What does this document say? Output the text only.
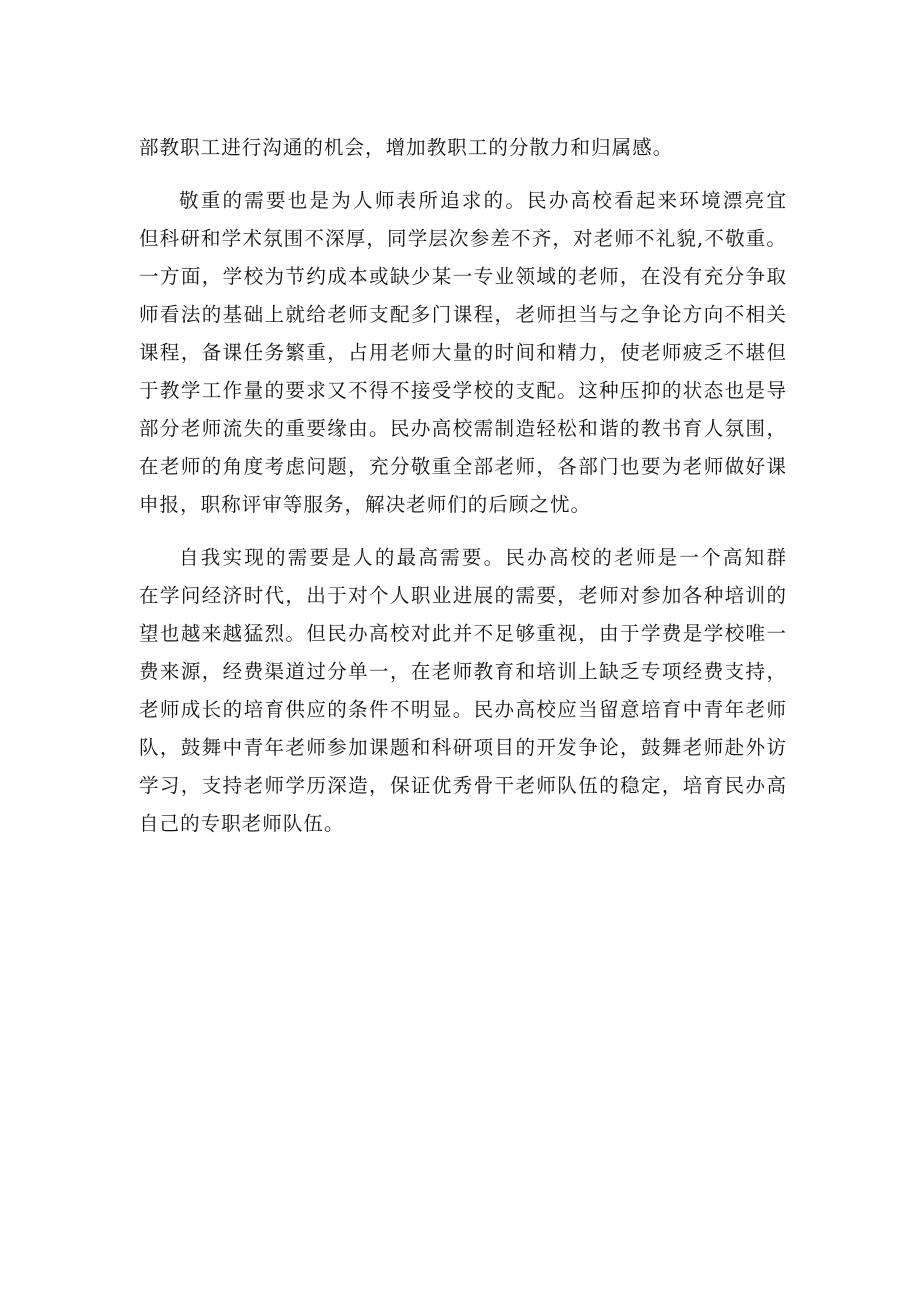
部教职工进行沟通的机会，增加教职工的分散力和归属感。
敬重的需要也是为人师表所追求的。民办高校看起来环境漂亮宜
但科研和学术氛围不深厚，同学层次参差不齐，对老师不礼貌,不敬重。
一方面，学校为节约成本或缺少某一专业领域的老师，在没有充分争取
师看法的基础上就给老师支配多门课程，老师担当与之争论方向不相关
课程，备课任务繁重，占用老师大量的时间和精力，使老师疲乏不堪但
于教学工作量的要求又不得不接受学校的支配。这种压抑的状态也是导
部分老师流失的重要缘由。民办高校需制造轻松和谐的教书育人氛围，
在老师的角度考虑问题，充分敬重全部老师，各部门也要为老师做好课
申报，职称评审等服务，解决老师们的后顾之忧。
自我实现的需要是人的最高需要。民办高校的老师是一个高知群
在学问经济时代，出于对个人职业进展的需要，老师对参加各种培训的
望也越来越猛烈。但民办高校对此并不足够重视，由于学费是学校唯一
费来源，经费渠道过分单一，在老师教育和培训上缺乏专项经费支持，
老师成长的培育供应的条件不明显。民办高校应当留意培育中青年老师
队，鼓舞中青年老师参加课题和科研项目的开发争论，鼓舞老师赴外访
学习，支持老师学历深造，保证优秀骨干老师队伍的稳定，培育民办高
自己的专职老师队伍。
